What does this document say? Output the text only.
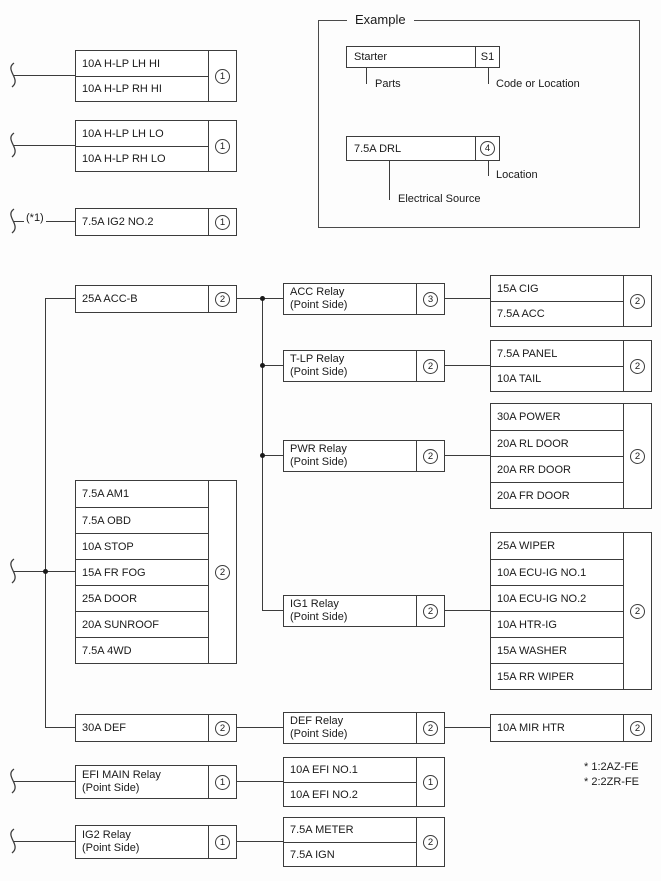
Example
Starter	S1
Parts	Code or Location
7.5A DRL	4
Location
Electrical Source
(*1)
* 1:2AZ-FE
* 2:2ZR-FE
10A H-LP LH HI
10A H-LP RH HI
1
10A H-LP LH LO
10A H-LP RH LO
1
7.5A IG2 NO.2	1
25A ACC-B	2
ACC Relay
(Point Side)	3
15A CIG
7.5A ACC
2
T-LP Relay
(Point Side)	2
7.5A PANEL
10A TAIL
2
PWR Relay
(Point Side)	2
30A POWER
20A RL DOOR
20A RR DOOR
20A FR DOOR
2
7.5A AM1
7.5A OBD
10A STOP
15A FR FOG
25A DOOR
20A SUNROOF
7.5A 4WD
2
IG1 Relay
(Point Side)	2
25A WIPER
10A ECU-IG NO.1
10A ECU-IG NO.2
10A HTR-IG
15A WASHER
15A RR WIPER
2
30A DEF	2
DEF Relay
(Point Side)	2	10A MIR HTR	2
EFI MAIN Relay
(Point Side)	1
10A EFI NO.1
10A EFI NO.2
1
IG2 Relay
(Point Side)	1
7.5A METER
7.5A IGN
2
